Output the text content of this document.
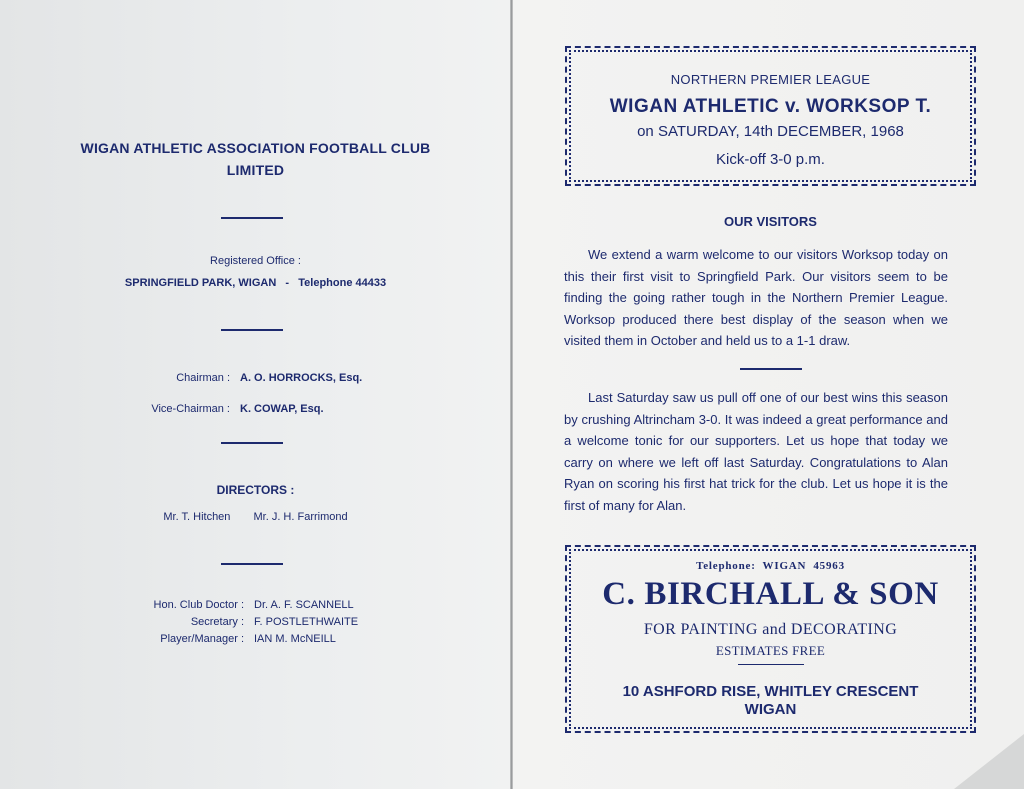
WIGAN ATHLETIC ASSOCIATION FOOTBALL CLUB
LIMITED
Registered Office :
SPRINGFIELD PARK, WIGAN   -   Telephone 44433
Chairman : A. O. HORROCKS, Esq.
Vice-Chairman : K. COWAP, Esq.
DIRECTORS :
Mr. T. Hitchen Mr. J. H. Farrimond
Hon. Club Doctor : Dr. A. F. SCANNELL
Secretary : F. POSTLETHWAITE
Player/Manager : IAN M. McNEILL
NORTHERN PREMIER LEAGUE
WIGAN ATHLETIC v. WORKSOP T.
on SATURDAY, 14th DECEMBER, 1968
Kick-off 3-0 p.m.
OUR VISITORS

We extend a warm welcome to our visitors Worksop today on this their first visit to Springfield Park. Our visitors seem to be finding the going rather tough in the Northern Premier League. Worksop produced there best display of the season when we visited them in October and held us to a 1-1 draw.

Last Saturday saw us pull off one of our best wins this season by crushing Altrincham 3-0. It was indeed a great performance and a welcome tonic for our supporters. Let us hope that today we carry on where we left off last Saturday. Congratulations to Alan Ryan on scoring his first hat trick for the club. Let us hope it is the first of many for Alan.

Telephone:  WIGAN  45963
C. BIRCHALL & SON
FOR PAINTING and DECORATING
ESTIMATES FREE
10 ASHFORD RISE, WHITLEY CRESCENT
WIGAN
